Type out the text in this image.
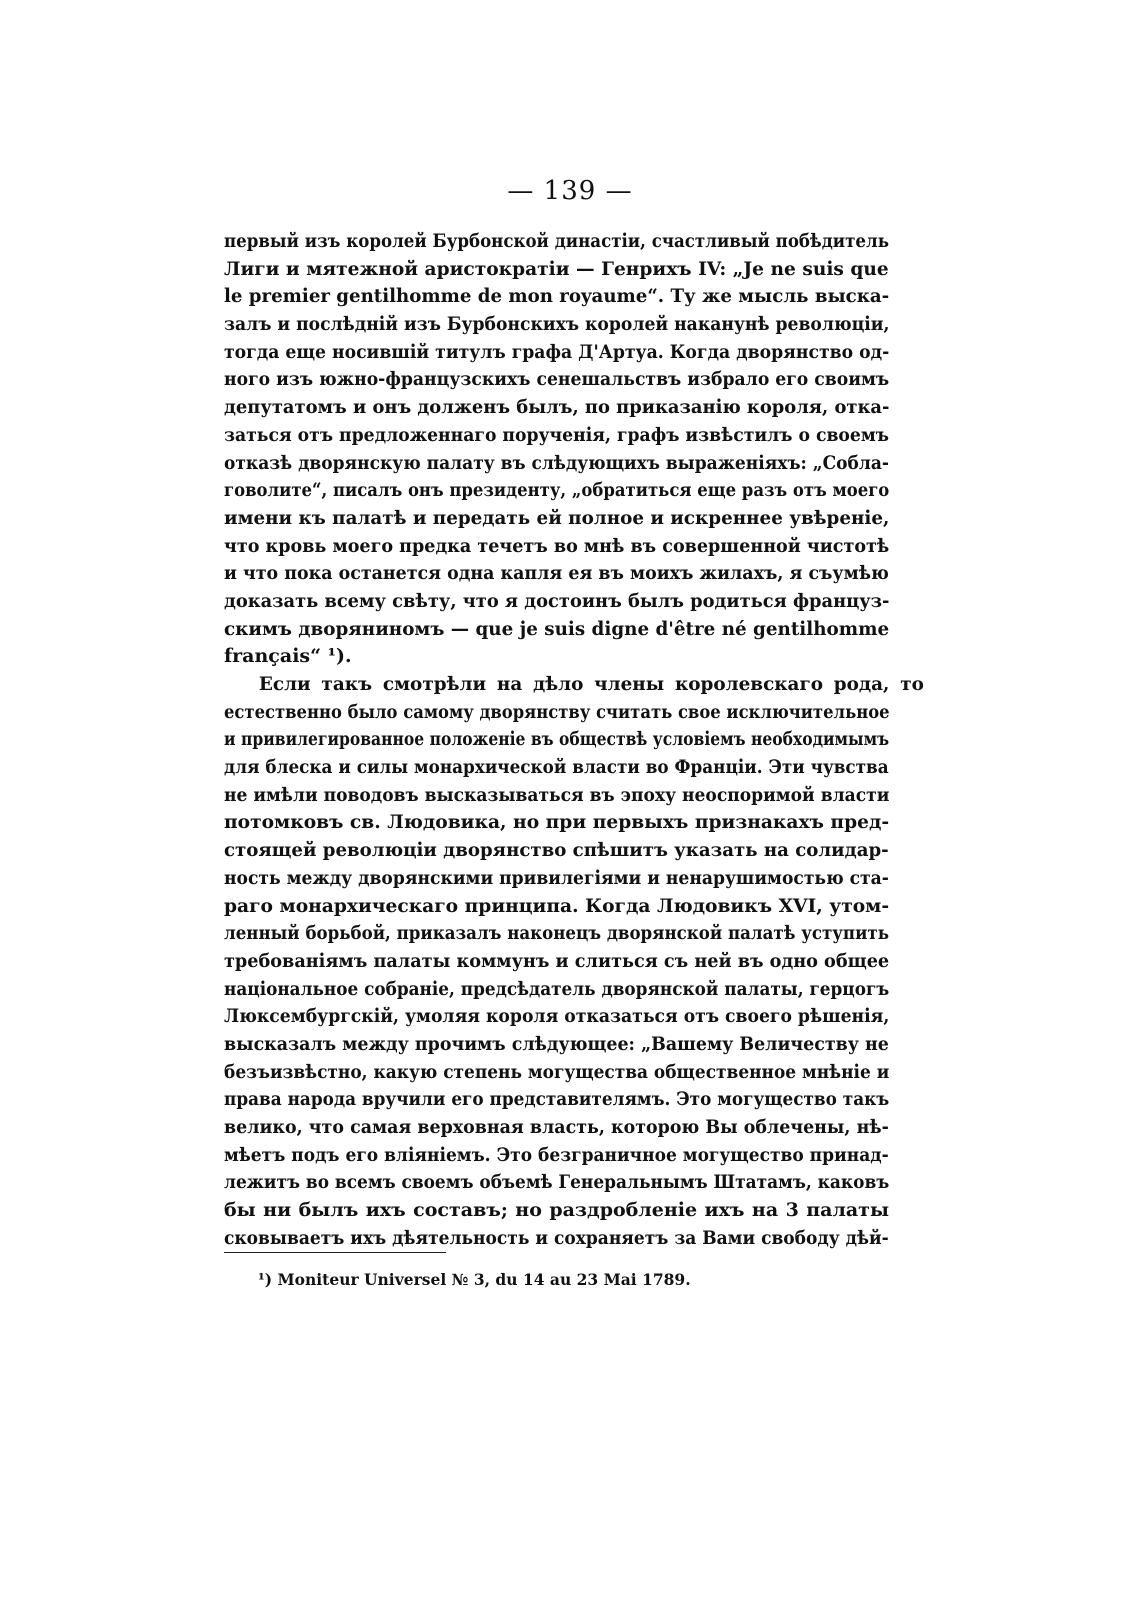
— 139 —
первый изъ королей Бурбонской династіи, счастливый побѣдитель
Лиги и мятежной аристократіи — Генрихъ IV: „Je ne suis que
le premier gentilhomme de mon royaume“. Ту же мысль выска-
залъ и послѣдній изъ Бурбонскихъ королей наканунѣ революціи,
тогда еще носившій титулъ графа Д'Артуа. Когда дворянство од-
ного изъ южно-французскихъ сенешальствъ избрало его своимъ
депутатомъ и онъ долженъ былъ, по приказанію короля, отка-
заться отъ предложеннаго порученія, графъ извѣстилъ о своемъ
отказѣ дворянскую палату въ слѣдующихъ выраженіяхъ: „Собла-
говолите“, писалъ онъ президенту, „обратиться еще разъ отъ моего
имени къ палатѣ и передать ей полное и искреннее увѣреніе,
что кровь моего предка течетъ во мнѣ въ совершенной чистотѣ
и что пока останется одна капля ея въ моихъ жилахъ, я съумѣю
доказать всему свѣту, что я достоинъ былъ родиться француз-
скимъ дворяниномъ — que je suis digne d'être né gentilhomme
français“ ¹).
Если такъ смотрѣли на дѣло члены королевскаго рода, то
естественно было самому дворянству считать свое исключительное
и привилегированное положеніе въ обществѣ условіемъ необходимымъ
для блеска и силы монархической власти во Франціи. Эти чувства
не имѣли поводовъ высказываться въ эпоху неоспоримой власти
потомковъ св. Людовика, но при первыхъ признакахъ пред-
стоящей революціи дворянство спѣшитъ указать на солидар-
ность между дворянскими привилегіями и ненарушимостью ста-
раго монархическаго принципа. Когда Людовикъ XVI, утом-
ленный борьбой, приказалъ наконецъ дворянской палатѣ уступить
требованіямъ палаты коммунъ и слиться съ ней въ одно общее
національное собраніе, предсѣдатель дворянской палаты, герцогъ
Люксембургскій, умоляя короля отказаться отъ своего рѣшенія,
высказалъ между прочимъ слѣдующее: „Вашему Величеству не
безъизвѣстно, какую степень могущества общественное мнѣніе и
права народа вручили его представителямъ. Это могущество такъ
велико, что самая верховная власть, которою Вы облечены, нѣ-
мѣетъ подъ его вліяніемъ. Это безграничное могущество принад-
лежитъ во всемъ своемъ объемѣ Генеральнымъ Штатамъ, каковъ
бы ни былъ ихъ составъ; но раздробленіе ихъ на 3 палаты
сковываетъ ихъ дѣятельность и сохраняетъ за Вами свободу дѣй-
¹) Moniteur Universel № 3, du 14 au 23 Mai 1789.
